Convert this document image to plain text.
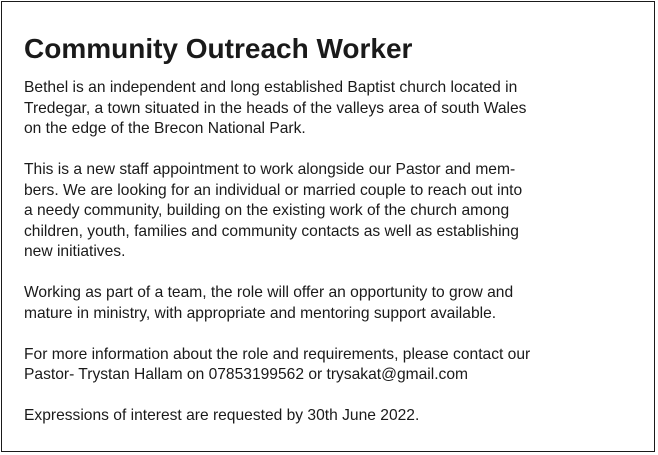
Community Outreach Worker

Bethel is an independent and long established Baptist church located in
Tredegar, a town situated in the heads of the valleys area of south Wales
on the edge of the Brecon National Park.

This is a new staff appointment to work alongside our Pastor and mem-
bers. We are looking for an individual or married couple to reach out into
a needy community, building on the existing work of the church among
children, youth, families and community contacts as well as establishing
new initiatives.

Working as part of a team, the role will offer an opportunity to grow and
mature in ministry, with appropriate and mentoring support available.

For more information about the role and requirements, please contact our
Pastor- Trystan Hallam on 07853199562 or trysakat@gmail.com

Expressions of interest are requested by 30th June 2022.
